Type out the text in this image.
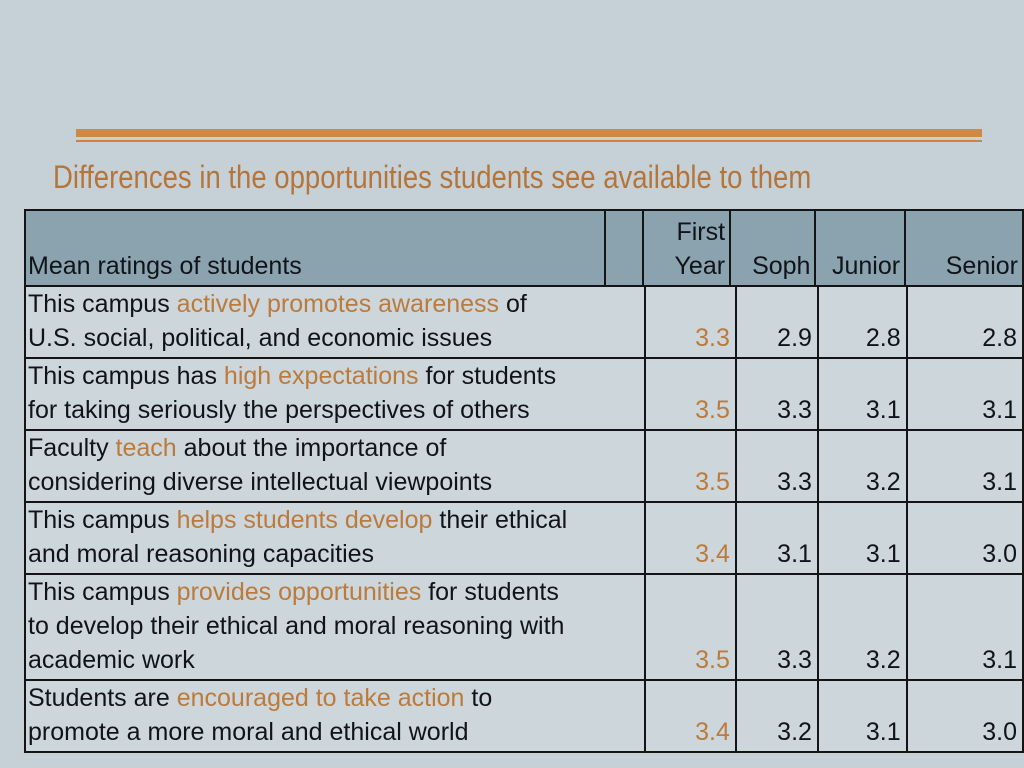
Differences in the opportunities students see available to them
Mean ratings of students		First Year	Soph	Junior	Senior
This campus actively promotes awareness of
U.S. social, political, and economic issues	3.3	2.9	2.8	2.8

This campus has high expectations for students
for taking seriously the perspectives of others	3.5	3.3	3.1	3.1

Faculty teach about the importance of
considering diverse intellectual viewpoints	3.5	3.3	3.2	3.1

This campus helps students develop their ethical
and moral reasoning capacities	3.4	3.1	3.1	3.0

This campus provides opportunities for students
to develop their ethical and moral reasoning with
academic work	3.5	3.3	3.2	3.1

Students are encouraged to take action to
promote a more moral and ethical world	3.4	3.2	3.1	3.0
